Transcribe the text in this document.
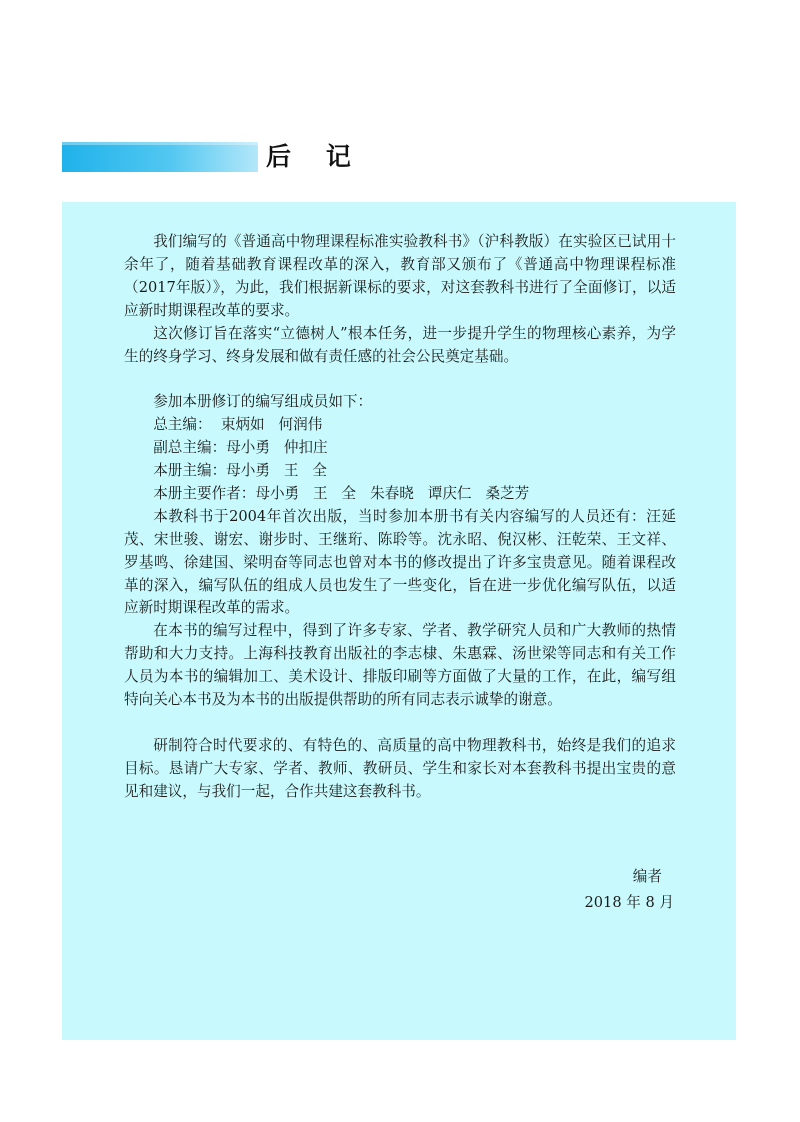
后    记

我们编写的《普通高中物理课程标准实验教科书》（沪科教版）在实验区已试用十余年了，随着基础教育课程改革的深入，教育部又颁布了《普通高中物理课程标准（2017年版）》，为此，我们根据新课标的要求，对这套教科书进行了全面修订，以适应新时期课程改革的要求。

这次修订旨在落实“立德树人”根本任务，进一步提升学生的物理核心素养，为学生的终身学习、终身发展和做有责任感的社会公民奠定基础。

参加本册修订的编写组成员如下：

总主编：  束炳如   何润伟

副总主编：母小勇   仲扣庄

本册主编：母小勇   王   全

本册主要作者：母小勇   王   全   朱春晓   谭庆仁   桑芝芳

本教科书于2004年首次出版，当时参加本册书有关内容编写的人员还有：汪延茂、宋世骏、谢宏、谢步时、王继珩、陈聆等。沈永昭、倪汉彬、汪乾荣、王文祥、罗基鸣、徐建国、梁明奋等同志也曾对本书的修改提出了许多宝贵意见。随着课程改革的深入，编写队伍的组成人员也发生了一些变化，旨在进一步优化编写队伍，以适应新时期课程改革的需求。

在本书的编写过程中，得到了许多专家、学者、教学研究人员和广大教师的热情帮助和大力支持。上海科技教育出版社的李志棣、朱惠霖、汤世梁等同志和有关工作人员为本书的编辑加工、美术设计、排版印刷等方面做了大量的工作，在此，编写组特向关心本书及为本书的出版提供帮助的所有同志表示诚挚的谢意。

研制符合时代要求的、有特色的、高质量的高中物理教科书，始终是我们的追求目标。恳请广大专家、学者、教师、教研员、学生和家长对本套教科书提出宝贵的意见和建议，与我们一起，合作共建这套教科书。

编者
2018 年 8 月
